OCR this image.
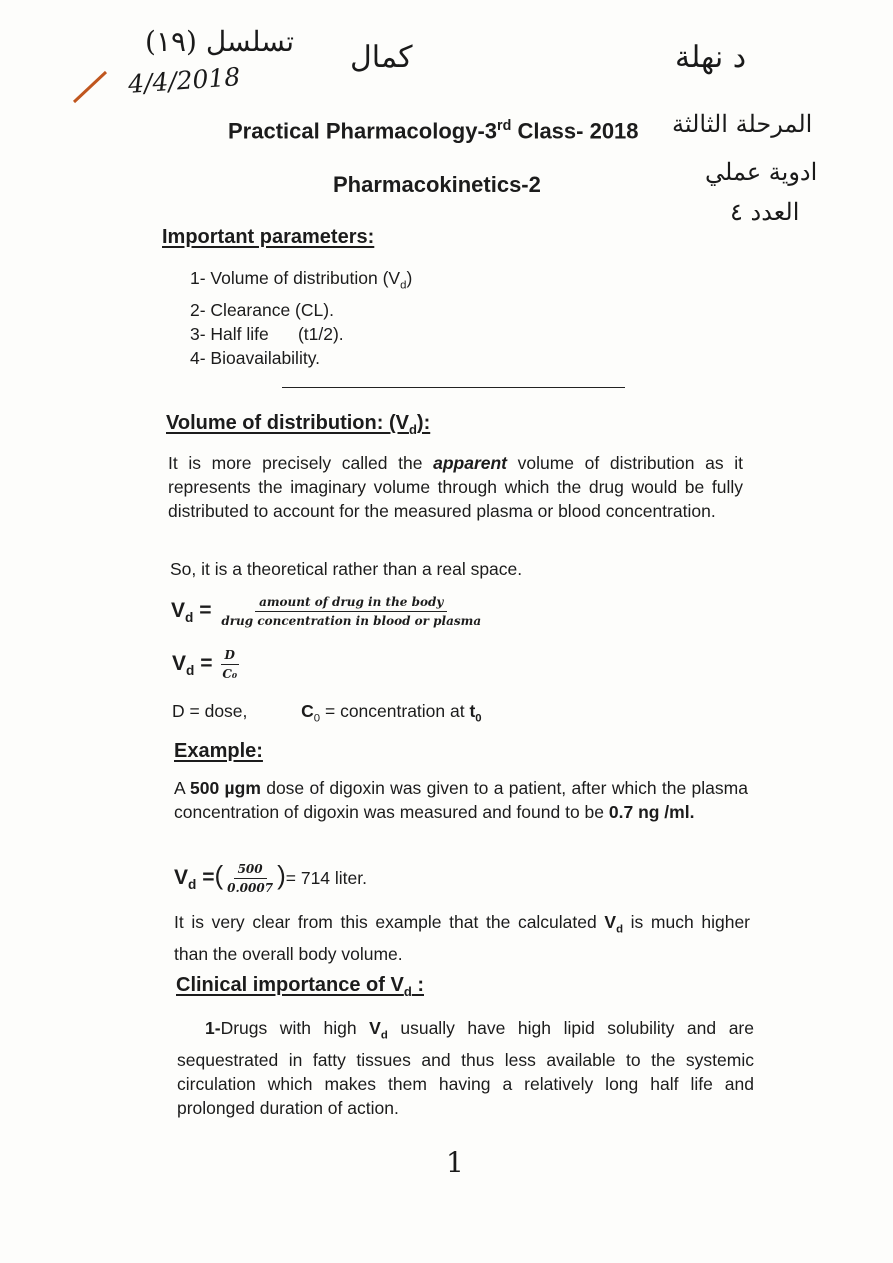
تسلسل (١٩)
4/4/2018
كمال	د نهلة
المرحلة الثالثة
ادوية عملي
العدد ٤
Practical Pharmacology-3rd Class- 2018
Pharmacokinetics-2
Important parameters:
1- Volume of distribution $(V_d)$
2- Clearance (CL).
3- Half life      (t1/2).
4- Bioavailability.
Volume of distribution: $(V_d)$:
It is more precisely called the apparent volume of distribution as it represents the imaginary volume through which the drug would be fully distributed to account for the measured plasma or blood concentration.
So, it is a theoretical rather than a real space.
$V_d = \frac{\text{amount of drug in the body}}{\text{drug concentration in blood or plasma}}$
$V_d = \frac{D}{\text{C₀}}$
D = dose,	$C_0$ = concentration at $t_0$
Example:
A 500 µgm dose of digoxin was given to a patient, after which the plasma concentration of digoxin was measured and found to be 0.7 ng /ml.
$V_d$ =( $\frac{500}{0.0007}$ )= 714 liter.
It is very clear from this example that the calculated $V_d$ is much higher than the overall body volume.
Clinical importance of $V_d$ :
1-Drugs with high $V_d$ usually have high lipid solubility and are sequestrated in fatty tissues and thus less available to the systemic circulation which makes them having a relatively long half life and prolonged duration of action.
1
